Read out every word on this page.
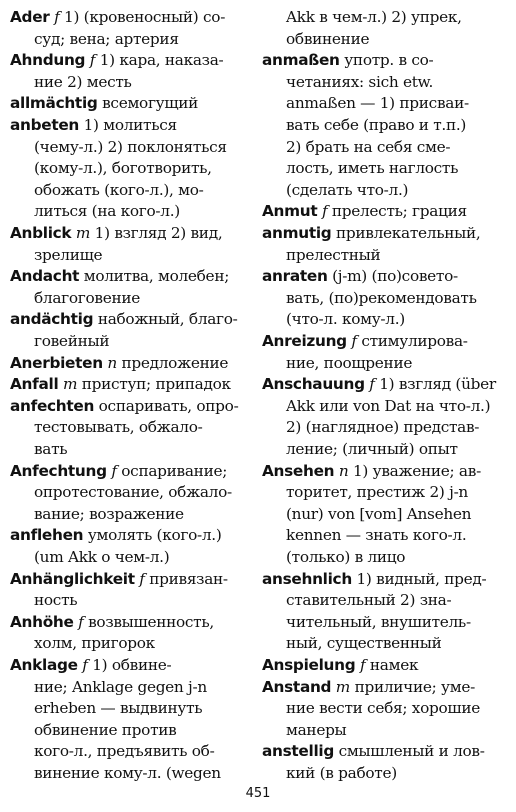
Ader f 1) (кровеносный) со-
суд; вена; артерия
Ahndung f 1) кара, наказа-
ние 2) месть
allmächtig всемогущий
anbeten 1) молиться
(чему-л.) 2) поклоняться
(кому-л.), боготворить,
обожать (кого-л.), мо-
литься (на кого-л.)
Anblick m 1) взгляд 2) вид,
зрелище
Andacht молитва, молебен;
благоговение
andächtig набожный, благо-
говейный
Anerbieten n предложение
Anfall m приступ; припадок
anfechten оспаривать, опро-
тестовывать, обжало-
вать
Anfechtung f оспаривание;
опротестование, обжало-
вание; возражение
anflehen умолять (кого-л.)
(um Akk о чем-л.)
Anhänglichkeit f привязан-
ность
Anhöhe f возвышенность,
холм, пригорок
Anklage f 1) обвине-
ние; Anklage gegen j-n
erheben — выдвинуть
обвинение против
кого-л., предъявить об-
винение кому-л. (wegen
Akk в чем-л.) 2) упрек,
обвинение
anmaßen употр. в со-
четаниях: sich etw.
anmaßen — 1) присваи-
вать себе (право и т.п.)
2) брать на себя сме-
лость, иметь наглость
(сделать что-л.)
Anmut f прелесть; грация
anmutig привлекательный,
прелестный
anraten (j-m) (по)совето-
вать, (по)рекомендовать
(что-л. кому-л.)
Anreizung f стимулирова-
ние, поощрение
Anschauung f 1) взгляд (über
Akk или von Dat на что-л.)
2) (наглядное) представ-
ление; (личный) опыт
Ansehen n 1) уважение; ав-
торитет, престиж 2) j-n
(nur) von [vom] Ansehen
kennen — знать кого-л.
(только) в лицо
ansehnlich 1) видный, пред-
ставительный 2) зна-
чительный, внушитель-
ный, существенный
Anspielung f намек
Anstand m приличие; уме-
ние вести себя; хорошие
манеры
anstellig смышленый и лов-
кий (в работе)
451
